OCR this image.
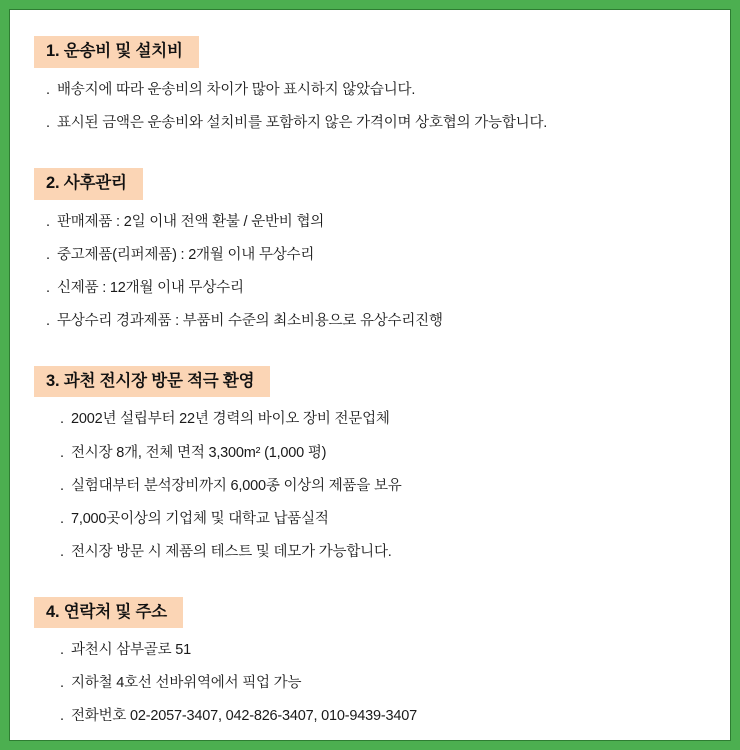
1. 운송비 및 설치비
. 배송지에 따라 운송비의 차이가 많아 표시하지 않았습니다.
. 표시된 금액은 운송비와 설치비를 포함하지 않은 가격이며 상호협의 가능합니다.
2. 사후관리
. 판매제품 : 2일 이내 전액 환불 / 운반비 협의
. 중고제품(리퍼제품) : 2개월 이내 무상수리
. 신제품 : 12개월 이내 무상수리
. 무상수리 경과제품 : 부품비 수준의 최소비용으로 유상수리진행
3. 과천 전시장 방문 적극 환영
. 2002년 설립부터 22년 경력의 바이오 장비 전문업체
. 전시장 8개, 전체 면적 3,300m² (1,000 평)
. 실험대부터 분석장비까지 6,000종 이상의 제품을 보유
. 7,000곳이상의 기업체 및 대학교 납품실적
. 전시장 방문 시 제품의 테스트 및 데모가 가능합니다.
4. 연락처 및 주소
. 과천시 삼부골로 51
. 지하철 4호선 선바위역에서 픽업 가능
. 전화번호 02-2057-3407, 042-826-3407, 010-9439-3407
